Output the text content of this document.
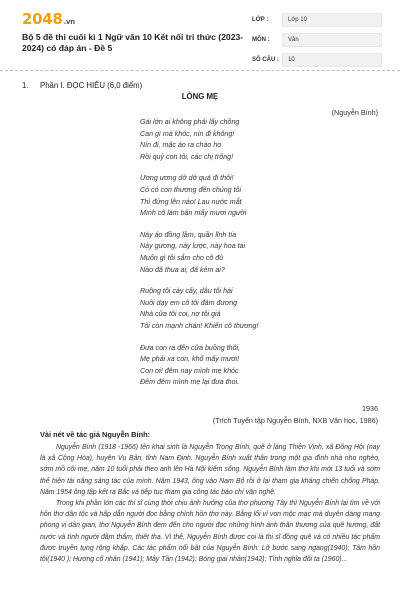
2048.vn
Bộ 5 đề thi cuối kì 1 Ngữ văn 10 Kết nối tri thức (2023-2024) có đáp án - Đề 5
LỚP :	Lớp 10
MÔN :	Văn
SỐ CÂU :	10
1. Phần I. ĐỌC HIỂU (6,0 điểm)
LÒNG MẸ
(Nguyễn Bính)
Gái lớn ai không phải lấy chồng
Can gì mà khóc, nín đi không!
Nín đi, mặc áo ra chào họ
Rồi quỷ con tôi, các chị trông!
Ương ương dở dở quá đi thôi!
Có có con thương đến chúng tôi
Thì đứng lên nào! Lau nước mắt
Mình cô làm bận mấy mươi người
Này áo đồng lầm, quần lĩnh tía
Này gương, này lược, này hoa tai
Muốn gì tôi sắm cho cô đủ
Nào đã thua ai, đã kém ai?
Ruộng tôi cày cấy, dâu tôi hái
Nuôi dạy em cô tôi đảm đương
Nhà cửa tôi coi, nợ tôi giả
Tôi còn mạnh chán! Khiến cô thương!
Đưa con ra đến cửa buồng thôi,
Mẹ phải xa con, khổ mấy mươi!
Con ơi! đêm nay mình mẹ khóc
Đêm đêm mình mẹ lại đưa thoi.
1936
(Trích Tuyển tập Nguyễn Bính, NXB Văn học, 1986)
Vài nét về tác giả Nguyễn Bính:

Nguyễn Bính (1918 -1966) tên khai sinh là Nguyễn Trọng Bính, quê ở làng Thiện Vịnh, xã Đồng Hội (nay là xã Cộng Hòa), huyện Vụ Bản, tỉnh Nam Định. Nguyễn Bính xuất thân trong một gia đình nhà nho nghèo, sớm mồ côi mẹ, năm 10 tuổi phải theo anh lên Hà Nội kiếm sống. Nguyễn Bính làm thơ khi mới 13 tuổi và sớm thể hiện tài năng sáng tác của mình. Năm 1943, ông vào Nam Bộ rồi ở lại tham gia kháng chiến chống Pháp. Năm 1954 ông tập kết ra Bắc và tiếp tục tham gia công tác báo chí văn nghệ.

Trong khi phần lớn các thi sĩ cùng thời chịu ảnh hưởng của thơ phương Tây thì Nguyễn Bính lại tìm về với hồn thơ dân tộc và hấp dẫn người đọc bằng chính hồn thơ này. Bằng lối ví von mộc mạc mà duyên dáng mang phong vị dân gian, thơ Nguyễn Bính đem đến cho người đọc những hình ảnh thân thương của quê hương, đất nước và tình người đằm thắm, thiết tha. Vì thế, Nguyễn Bính được coi là thi sĩ đồng quê và có nhiều tác phẩm được truyền tụng rộng khắp. Các tác phẩm nổi bật của Nguyễn Bính: Lỡ bước sang ngang(1940); Tâm hồn tôi(1940 ); Hương cố nhân (1941); Mây Tần (1942); Bóng giai nhân(1942); Tình nghĩa đôi ta (1960)...
